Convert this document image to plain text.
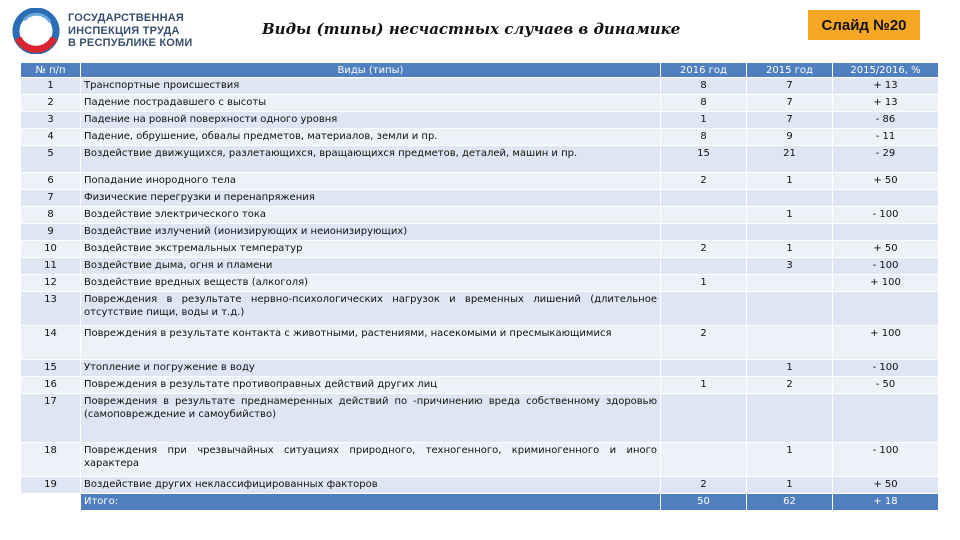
ГОСУДАРСТВЕННАЯ
ИНСПЕКЦИЯ ТРУДА
В РЕСПУБЛИКЕ КОМИ
Виды (типы) несчастных случаев в динамике	Слайд №20
№ п/п	Виды (типы)	2016 год	2015 год	2015/2016, %
1	Транспортные происшествия	8	7	+ 13
2	Падение пострадавшего с высоты	8	7	+ 13
3	Падение на ровной поверхности одного уровня	1	7	- 86
4	Падение, обрушение, обвалы предметов, материалов, земли и пр.	8	9	- 11
5	Воздействие движущихся, разлетающихся, вращающихся предметов, деталей, машин и пр.	15	21	- 29
6	Попадание инородного тела	2	1	+ 50
7	Физические перегрузки и перенапряжения			
8	Воздействие электрического тока		1	- 100
9	Воздействие излучений (ионизирующих и неионизирующих)			
10	Воздействие экстремальных температур	2	1	+ 50
11	Воздействие дыма, огня и пламени		3	- 100
12	Воздействие вредных веществ (алкоголя)	1		+ 100
13	Повреждения в результате нервно-психологических нагрузок и временных лишений (длительное отсутствие пищи, воды и т.д.)			
14	Повреждения в результате контакта с животными, растениями, насекомыми и пресмыкающимися	2		+ 100
15	Утопление и погружение в воду		1	- 100
16	Повреждения в результате противоправных действий других лиц	1	2	- 50
17	Повреждения в результате преднамеренных действий по -причинению вреда собственному здоровью (самоповреждение и самоубийство)			
18	Повреждения при чрезвычайных ситуациях природного, техногенного, криминогенного и иного характера		1	- 100
19	Воздействие других неклассифицированных факторов	2	1	+ 50
	Итого:	50	62	+ 18
